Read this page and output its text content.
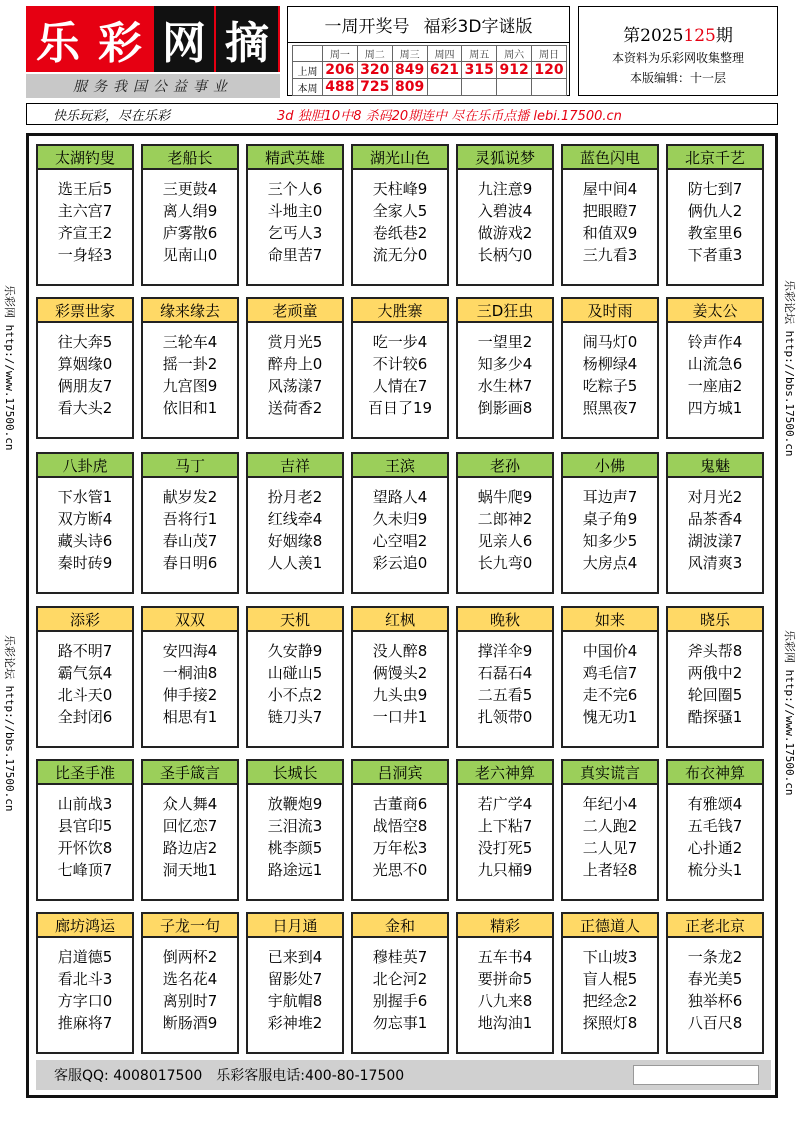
乐 彩 网 摘
服务我国公益事业
一周开奖号 福彩3D字谜版
	周一	周二	周三	周四	周五	周六	周日
上周	206	320	849	621	315	912	120
本周	488	725	809				
第2025125期
本资料为乐彩网收集整理
本版编辑：十一层
快乐玩彩，尽在乐彩	3d 独胆10中8 杀码20期连中 尽在乐币点播 lebi.17500.cn
乐彩网 http://www.17500.cn
乐彩论坛 http://bbs.17500.cn
乐彩论坛 http://bbs.17500.cn
乐彩网 http://www.17500.cn
太湖钓叟
选王后5
主六宫7
齐宣王2
一身轻3
老船长
三更鼓4
离人绢9
庐雾散6
见南山0
精武英雄
三个人6
斗地主0
乞丐人3
命里苦7
湖光山色
天柱峰9
全家人5
卷纸巷2
流无分0
灵狐说梦
九注意9
入碧波4
做游戏2
长柄勺0
蓝色闪电
屋中间4
把眼瞪7
和值双9
三九看3
北京千艺
防七到7
俩仇人2
教室里6
下者重3
彩票世家
往大奔5
算姻缘0
俩朋友7
看大头2
缘来缘去
三轮车4
摇一卦2
九宫图9
依旧和1
老顽童
赏月光5
醉舟上0
风荡漾7
送荷香2
大胜寨
吃一步4
不计较6
人情在7
百日了19
三D狂虫
一望里2
知多少4
水生林7
倒影画8
及时雨
闹马灯0
杨柳绿4
吃粽子5
照黑夜7
姜太公
铃声作4
山流急6
一座庙2
四方城1
八卦虎
下水管1
双方断4
藏头诗6
秦时砖9
马丁
献岁发2
吾将行1
春山茂7
春日明6
吉祥
扮月老2
红线牵4
好姻缘8
人人羡1
王滨
望路人4
久未归9
心空唱2
彩云追0
老孙
蜗牛爬9
二郎神2
见亲人6
长九弯0
小佛
耳边声7
桌子角9
知多少5
大房点4
鬼魅
对月光2
品茶香4
湖波漾7
风清爽3
添彩
路不明7
霸气氛4
北斗天0
全封闭6
双双
安四海4
一桐油8
伸手接2
相思有1
天机
久安静9
山碰山5
小不点2
链刀头7
红枫
没人醉8
俩馒头2
九头虫9
一口井1
晚秋
撑洋伞9
石磊石4
二五看5
扎领带0
如来
中国价4
鸡毛信7
走不完6
愧无功1
晓乐
斧头帮8
两俄中2
轮回圈5
酷探骚1
比圣手准
山前战3
县官印5
开怀饮8
七峰顶7
圣手箴言
众人舞4
回忆恋7
路边店2
洞天地1
长城长
放鞭炮9
三泪流3
桃李颜5
路途远1
吕洞宾
古董商6
战悟空8
万年松3
光思不0
老六神算
若广学4
上下粘7
没打死5
九只桶9
真实谎言
年纪小4
二人跑2
二人见7
上者轻8
布衣神算
有雅颂4
五毛钱7
心扑通2
梳分头1
廊坊鸿运
启道德5
看北斗3
方字口0
推麻将7
子龙一句
倒两杯2
选名花4
离别时7
断肠酒9
日月通
已来到4
留影处7
宇航帽8
彩神堆2
金和
穆桂英7
北仑河2
别握手6
勿忘事1
精彩
五车书4
要拼命5
八九来8
地沟油1
正德道人
下山坡3
盲人棍5
把经念2
探照灯8
正老北京
一条龙2
春光美5
独举杯6
八百尺8
客服QQ: 4008017500	乐彩客服电话:400-80-17500
